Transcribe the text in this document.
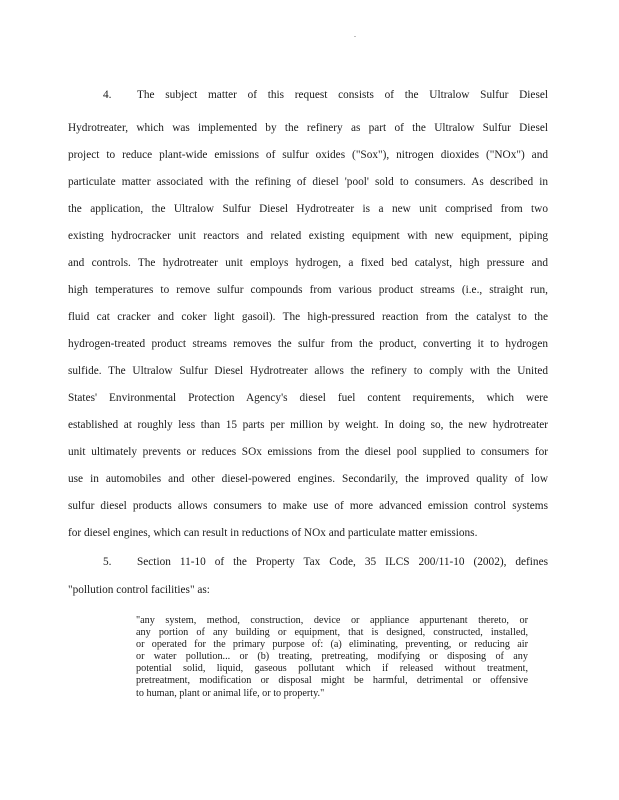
.
4. The subject matter of this request consists of the Ultralow Sulfur Diesel
Hydrotreater, which was implemented by the refinery as part of the Ultralow Sulfur Diesel
project to reduce plant-wide emissions of sulfur oxides ("Sox"), nitrogen dioxides ("NOx") and
particulate matter associated with the refining of diesel 'pool' sold to consumers. As described in
the application, the Ultralow Sulfur Diesel Hydrotreater is a new unit comprised from two
existing hydrocracker unit reactors and related existing equipment with new equipment, piping
and controls. The hydrotreater unit employs hydrogen, a fixed bed catalyst, high pressure and
high temperatures to remove sulfur compounds from various product streams (i.e., straight run,
fluid cat cracker and coker light gasoil). The high-pressured reaction from the catalyst to the
hydrogen-treated product streams removes the sulfur from the product, converting it to hydrogen
sulfide. The Ultralow Sulfur Diesel Hydrotreater allows the refinery to comply with the United
States' Environmental Protection Agency's diesel fuel content requirements, which were
established at roughly less than 15 parts per million by weight. In doing so, the new hydrotreater
unit ultimately prevents or reduces SOx emissions from the diesel pool supplied to consumers for
use in automobiles and other diesel-powered engines. Secondarily, the improved quality of low
sulfur diesel products allows consumers to make use of more advanced emission control systems
for diesel engines, which can result in reductions of NOx and particulate matter emissions.
5. Section 11-10 of the Property Tax Code, 35 ILCS 200/11-10 (2002), defines
"pollution control facilities" as:
"any system, method, construction, device or appliance appurtenant thereto, or
any portion of any building or equipment, that is designed, constructed, installed,
or operated for the primary purpose of: (a) eliminating, preventing, or reducing air
or water pollution... or (b) treating, pretreating, modifying or disposing of any
potential solid, liquid, gaseous pollutant which if released without treatment,
pretreatment, modification or disposal might be harmful, detrimental or offensive
to human, plant or animal life, or to property."
